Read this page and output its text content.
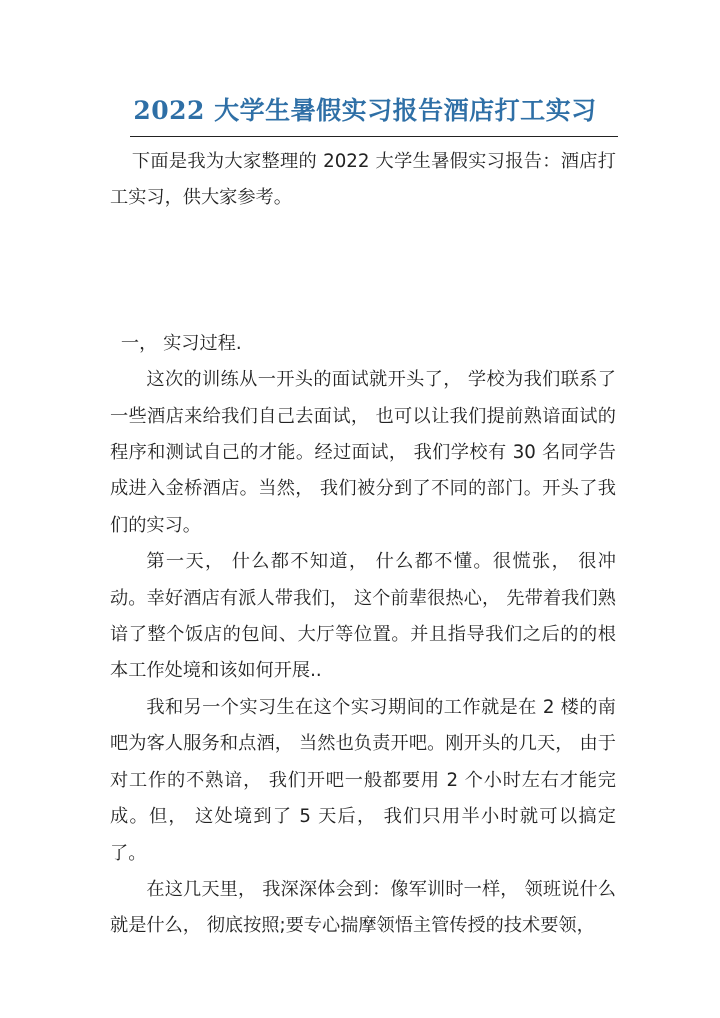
2022 大学生暑假实习报告酒店打工实习

下面是我为大家整理的 2022 大学生暑假实习报告：酒店打工实习，供大家参考。

一， 实习过程.

这次的训练从一开头的面试就开头了， 学校为我们联系了一些酒店来给我们自己去面试， 也可以让我们提前熟谙面试的程序和测试自己的才能。经过面试， 我们学校有 30 名同学告成进入金桥酒店。当然， 我们被分到了不同的部门。开头了我们的实习。

第一天， 什么都不知道， 什么都不懂。很慌张， 很冲动。幸好酒店有派人带我们， 这个前辈很热心， 先带着我们熟谙了整个饭店的包间、大厅等位置。并且指导我们之后的的根本工作处境和该如何开展..

我和另一个实习生在这个实习期间的工作就是在 2 楼的南吧为客人服务和点酒， 当然也负责开吧。刚开头的几天， 由于对工作的不熟谙， 我们开吧一般都要用 2 个小时左右才能完成。但， 这处境到了 5 天后， 我们只用半小时就可以搞定了。

在这几天里， 我深深体会到：像军训时一样， 领班说什么就是什么， 彻底按照;要专心揣摩领悟主管传授的技术要领，
